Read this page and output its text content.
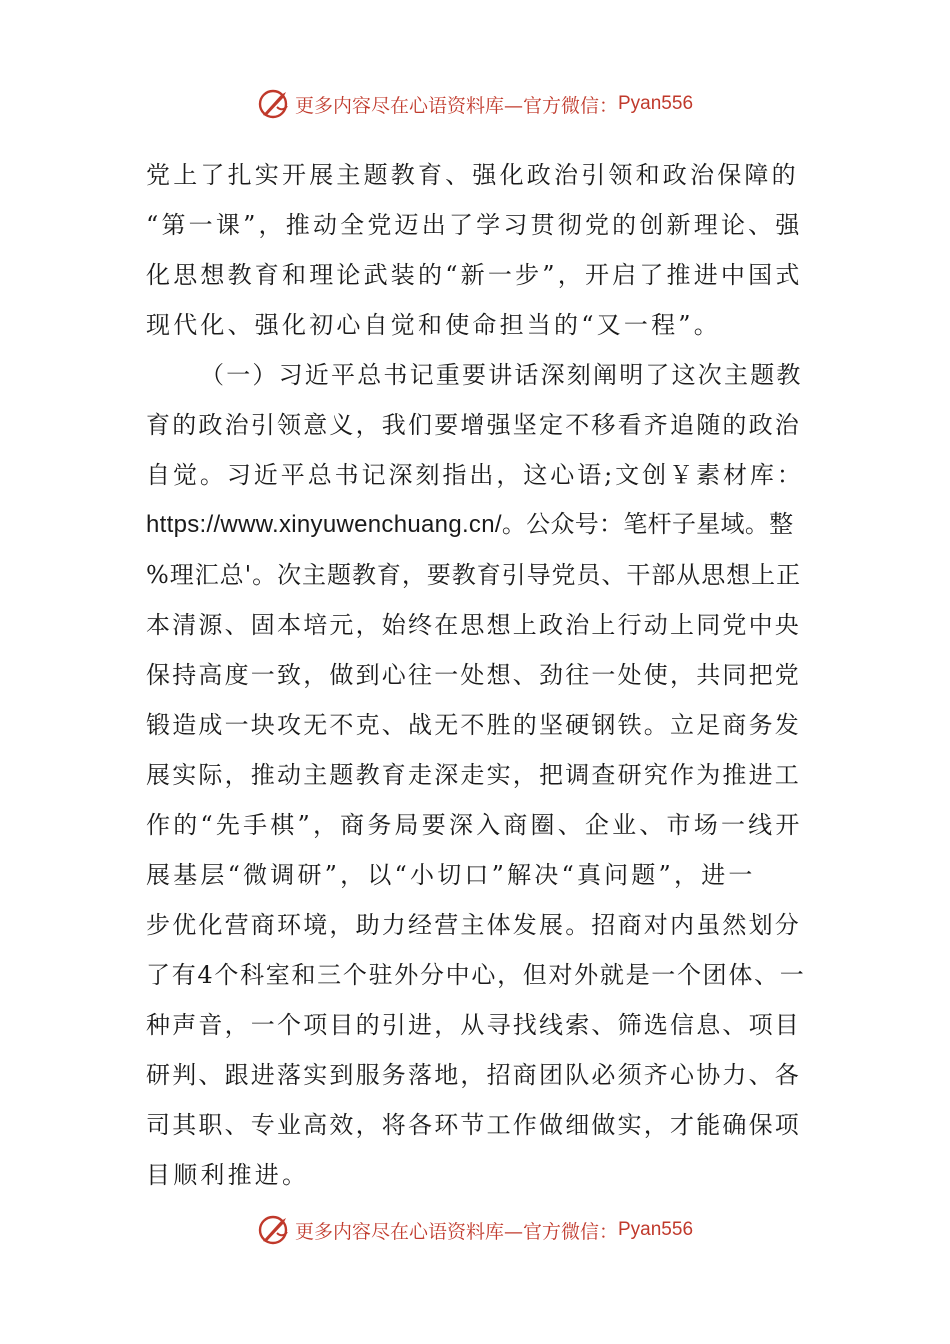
更多内容尽在心语资料库—官方微信： Pyan556

党上了扎实开展主题教育、强化政治引领和政治保障的
“第一课”，推动全党迈出了学习贯彻党的创新理论、强
化思想教育和理论武装的“新一步”，开启了推进中国式
现代化、强化初心自觉和使命担当的“又一程”。

（一）习近平总书记重要讲话深刻阐明了这次主题教
育的政治引领意义，我们要增强坚定不移看齐追随的政治
自觉。习近平总书记深刻指出，这心语;文创￥素材库：
https://www.xinyuwenchuang.cn/。公众号：笔杆子星域。整
%理汇总'。次主题教育，要教育引导党员、干部从思想上正
本清源、固本培元，始终在思想上政治上行动上同党中央
保持高度一致，做到心往一处想、劲往一处使，共同把党
锻造成一块攻无不克、战无不胜的坚硬钢铁。立足商务发
展实际，推动主题教育走深走实，把调查研究作为推进工
作的“先手棋”，商务局要深入商圈、企业、市场一线开
展基层“微调研”，以“小切口”解决“真问题”，进一
步优化营商环境，助力经营主体发展。招商对内虽然划分
了有4个科室和三个驻外分中心，但对外就是一个团体、一
种声音，一个项目的引进，从寻找线索、筛选信息、项目
研判、跟进落实到服务落地，招商团队必须齐心协力、各
司其职、专业高效，将各环节工作做细做实，才能确保项
目顺利推进。

更多内容尽在心语资料库—官方微信： Pyan556
